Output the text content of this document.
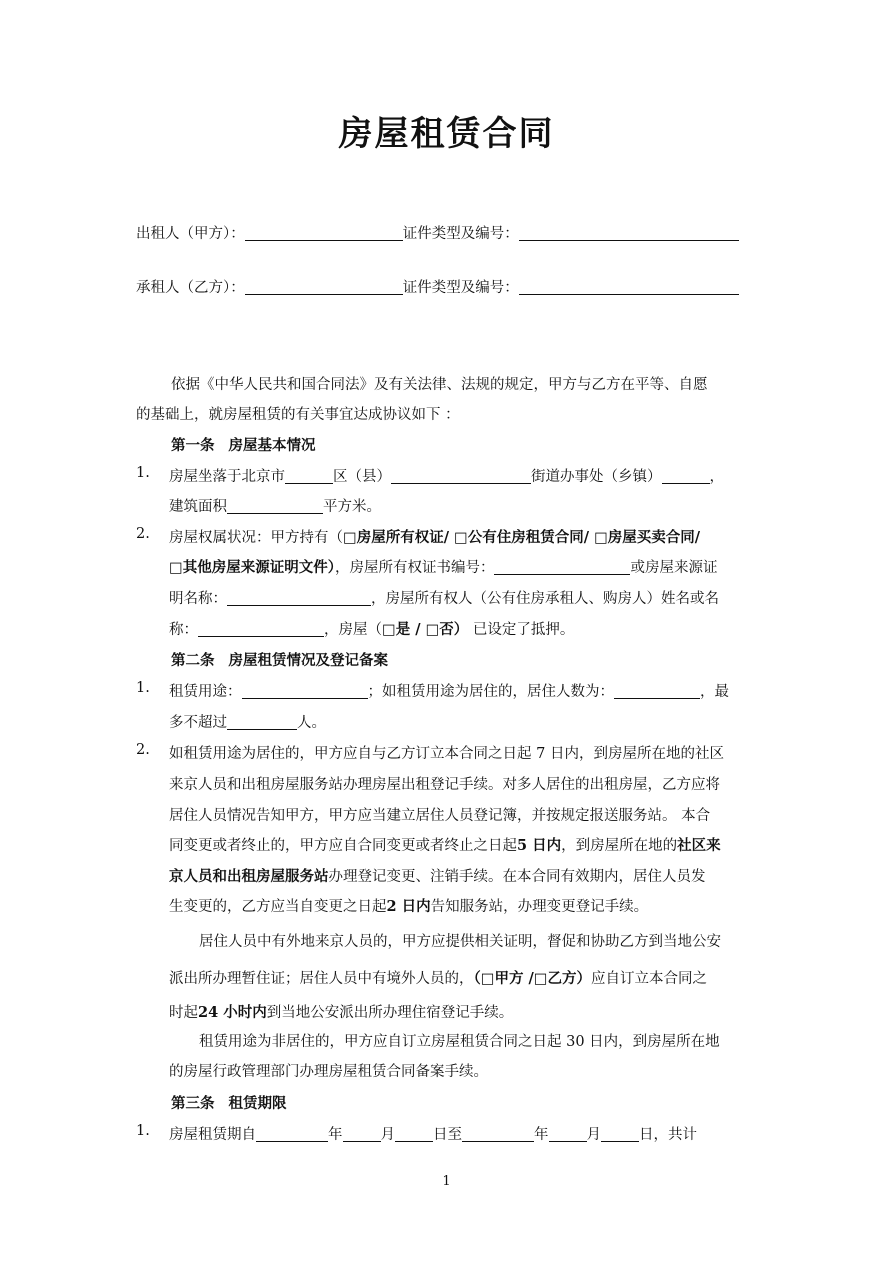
房屋租赁合同
出租人（甲方）：	证件类型及编号：
承租人（乙方）：	证件类型及编号：
依据《中华人民共和国合同法》及有关法律、法规的规定，甲方与乙方在平等、自愿
的基础上，就房屋租赁的有关事宜达成协议如下 ：
第一条 房屋基本情况
1. 房屋坐落于北京市	区（县）	街道办事处（乡镇）	，
建筑面积	平方米。
2. 房屋权属状况：甲方持有（□房屋所有权证/ □公有住房租赁合同/ □房屋买卖合同/
□其他房屋来源证明文件），房屋所有权证书编号：	或房屋来源证
明名称：	，房屋所有权人（公有住房承租人、购房人）姓名或名
称：	，房屋（□是 / □否） 已设定了抵押。
第二条 房屋租赁情况及登记备案
1. 租赁用途：	；如租赁用途为居住的，居住人数为：	，最
多不超过	人。
2. 如租赁用途为居住的，甲方应自与乙方订立本合同之日起 7 日内，到房屋所在地的社区
来京人员和出租房屋服务站办理房屋出租登记手续。对多人居住的出租房屋，乙方应将
居住人员情况告知甲方，甲方应当建立居住人员登记簿，并按规定报送服务站。 本合
同变更或者终止的，甲方应自合同变更或者终止之日起5 日内，到房屋所在地的社区来
京人员和出租房屋服务站办理登记变更、注销手续。在本合同有效期内，居住人员发
生变更的，乙方应当自变更之日起2 日内告知服务站，办理变更登记手续。
居住人员中有外地来京人员的，甲方应提供相关证明，督促和协助乙方到当地公安
派出所办理暂住证；居住人员中有境外人员的，（□甲方 /□乙方）应自订立本合同之
时起24 小时内到当地公安派出所办理住宿登记手续。
租赁用途为非居住的，甲方应自订立房屋租赁合同之日起 30 日内，到房屋所在地
的房屋行政管理部门办理房屋租赁合同备案手续。
第三条 租赁期限
1. 房屋租赁期自	年	月	日至	年	月	日，共计
1
